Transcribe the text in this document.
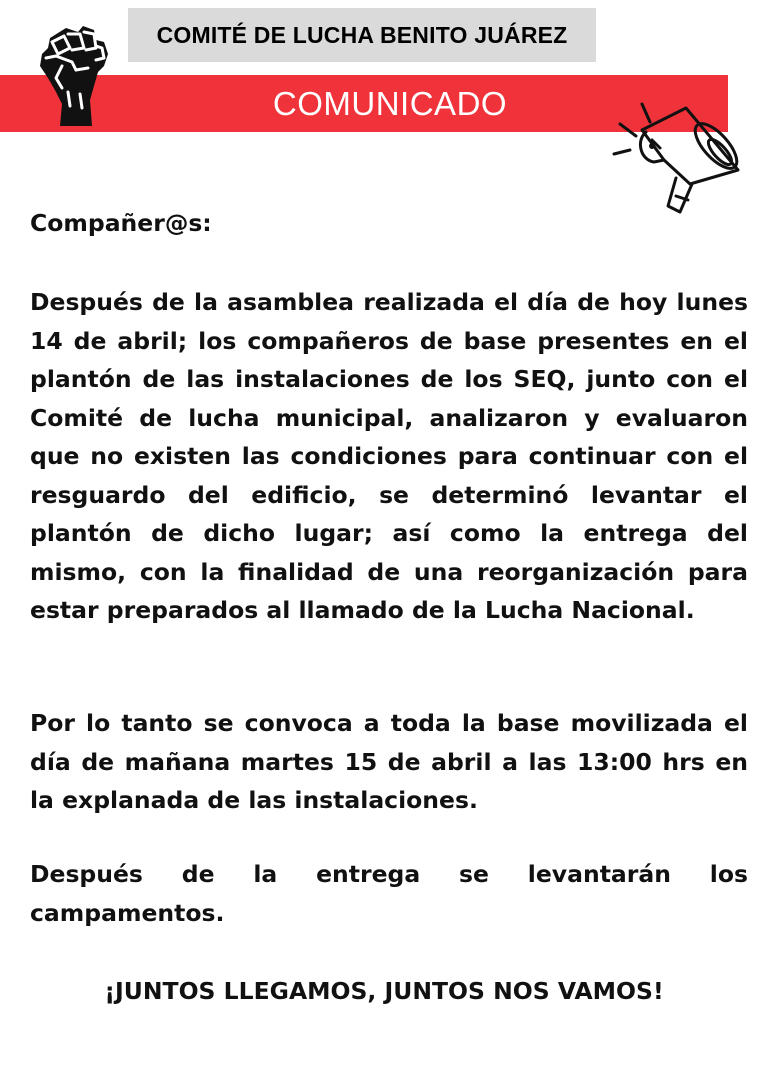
COMITÉ DE LUCHA BENITO JUÁREZ
COMUNICADO
Compañer@s:
Después de la asamblea realizada el día de hoy lunes 14 de abril; los compañeros de base presentes en el plantón de las instalaciones de los SEQ, junto con el Comité de lucha municipal, analizaron y evaluaron que no existen las condiciones para continuar con el resguardo del edificio, se determinó levantar el plantón de dicho lugar; así como la entrega del mismo, con la finalidad de una reorganización para estar preparados al llamado de la Lucha Nacional.
Por lo tanto se convoca a toda la base movilizada el día de mañana martes 15 de abril a las 13:00 hrs en la explanada de las instalaciones.
Después de la entrega se levantarán los campamentos.
¡JUNTOS LLEGAMOS, JUNTOS NOS VAMOS!
